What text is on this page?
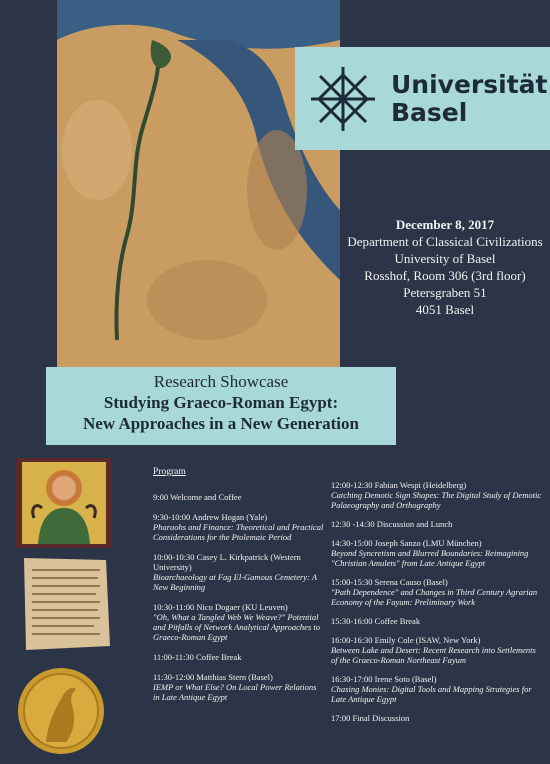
Universität
Basel
December 8, 2017
Department of Classical Civilizations
University of Basel
Rosshof, Room 306 (3rd floor)
Petersgraben 51
4051 Basel
Research Showcase
Studying Graeco-Roman Egypt:
New Approaches in a New Generation
Program
9:00 Welcome and Coffee
9:30-10:00 Andrew Hogan (Yale)
Pharaohs and Finance: Theoretical and Practical Considerations for the Ptolemaic Period
10:00-10:30 Casey L. Kirkpatrick (Western University)
Bioarchaeology at Fag El-Gamous Cemetery: A New Beginning
10:30-11:00 Nico Dogaer (KU Leuven)
"Oh, What a Tangled Web We Weave?" Potential and Pitfalls of Network Analytical Approaches to Graeco-Roman Egypt
11:00-11:30 Coffee Break
11:30-12:00 Matthias Stern (Basel)
IEMP or What Else? On Local Power Relations in Late Antique Egypt
12:00-12:30 Fabian Wespi (Heidelberg)
Catching Demotic Sign Shapes: The Digital Study of Demotic Palaeography and Orthography
12:30 -14:30 Discussion and Lunch
14:30-15:00 Joseph Sanzo (LMU München)
Beyond Syncretism and Blurred Boundaries: Reimagining "Christian Amulets" from Late Antique Egypt
15:00-15:30 Serena Causo (Basel)
"Path Dependence" and Changes in Third Century Agrarian Economy of the Fayum: Preliminary Work
15:30-16:00 Coffee Break
16:00-16:30 Emily Cole (ISAW, New York)
Between Lake and Desert: Recent Research into Settlements of the Graeco-Roman Northeast Fayum
16:30-17:00 Irene Soto (Basel)
Chasing Monies: Digital Tools and Mapping Strategies for Late Antique Egypt
17:00 Final Discussion
